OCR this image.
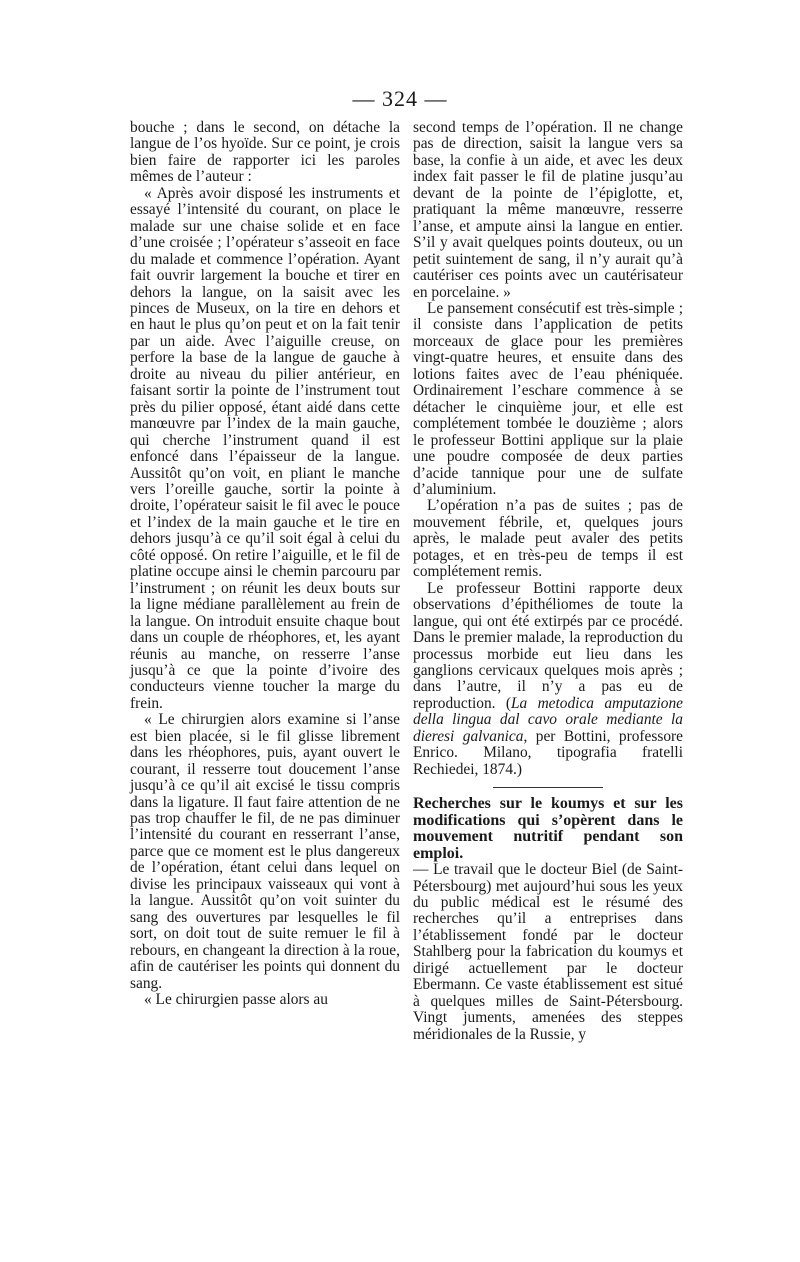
— 324 —

bouche ; dans le second, on détache la langue de l’os hyoïde. Sur ce point, je crois bien faire de rapporter ici les paroles mêmes de l’auteur :

« Après avoir disposé les instruments et essayé l’intensité du courant, on place le malade sur une chaise solide et en face d’une croisée ; l’opérateur s’asseoit en face du malade et commence l’opération. Ayant fait ouvrir largement la bouche et tirer en dehors la langue, on la saisit avec les pinces de Museux, on la tire en dehors et en haut le plus qu’on peut et on la fait tenir par un aide. Avec l’aiguille creuse, on perfore la base de la langue de gauche à droite au niveau du pilier antérieur, en faisant sortir la pointe de l’instrument tout près du pilier opposé, étant aidé dans cette manœuvre par l’index de la main gauche, qui cherche l’instrument quand il est enfoncé dans l’épaisseur de la langue. Aussitôt qu’on voit, en pliant le manche vers l’oreille gauche, sortir la pointe à droite, l’opérateur saisit le fil avec le pouce et l’index de la main gauche et le tire en dehors jusqu’à ce qu’il soit égal à celui du côté opposé. On retire l’aiguille, et le fil de platine occupe ainsi le chemin parcouru par l’instrument ; on réunit les deux bouts sur la ligne médiane parallèlement au frein de la langue. On introduit ensuite chaque bout dans un couple de rhéophores, et, les ayant réunis au manche, on resserre l’anse jusqu’à ce que la pointe d’ivoire des conducteurs vienne toucher la marge du frein.

« Le chirurgien alors examine si l’anse est bien placée, si le fil glisse librement dans les rhéophores, puis, ayant ouvert le courant, il resserre tout doucement l’anse jusqu’à ce qu’il ait excisé le tissu compris dans la ligature. Il faut faire attention de ne pas trop chauffer le fil, de ne pas diminuer l’intensité du courant en resserrant l’anse, parce que ce moment est le plus dangereux de l’opération, étant celui dans lequel on divise les principaux vaisseaux qui vont à la langue. Aussitôt qu’on voit suinter du sang des ouvertures par lesquelles le fil sort, on doit tout de suite remuer le fil à rebours, en changeant la direction à la roue, afin de cautériser les points qui donnent du sang.

« Le chirurgien passe alors au

second temps de l’opération. Il ne change pas de direction, saisit la langue vers sa base, la confie à un aide, et avec les deux index fait passer le fil de platine jusqu’au devant de la pointe de l’épiglotte, et, pratiquant la même manœuvre, resserre l’anse, et ampute ainsi la langue en entier. S’il y avait quelques points douteux, ou un petit suintement de sang, il n’y aurait qu’à cautériser ces points avec un cautérisateur en porcelaine. »

Le pansement consécutif est très-simple ; il consiste dans l’application de petits morceaux de glace pour les premières vingt-quatre heures, et ensuite dans des lotions faites avec de l’eau phéniquée. Ordinairement l’eschare commence à se détacher le cinquième jour, et elle est complétement tombée le douzième ; alors le professeur Bottini applique sur la plaie une poudre composée de deux parties d’acide tannique pour une de sulfate d’aluminium.

L’opération n’a pas de suites ; pas de mouvement fébrile, et, quelques jours après, le malade peut avaler des petits potages, et en très-peu de temps il est complétement remis.

Le professeur Bottini rapporte deux observations d’épithéliomes de toute la langue, qui ont été extirpés par ce procédé. Dans le premier malade, la reproduction du processus morbide eut lieu dans les ganglions cervicaux quelques mois après ; dans l’autre, il n’y a pas eu de reproduction. (La metodica amputazione della lingua dal cavo orale mediante la dieresi galvanica, per Bottini, professore Enrico. Milano, tipografia fratelli Rechiedei, 1874.)

Recherches sur le koumys et sur les modifications qui s’opèrent dans le mouvement nutritif pendant son emploi.

— Le travail que le docteur Biel (de Saint-Pétersbourg) met aujourd’hui sous les yeux du public médical est le résumé des recherches qu’il a entreprises dans l’établissement fondé par le docteur Stahlberg pour la fabrication du koumys et dirigé actuellement par le docteur Ebermann. Ce vaste établissement est situé à quelques milles de Saint-Pétersbourg. Vingt juments, amenées des steppes méridionales de la Russie, y
